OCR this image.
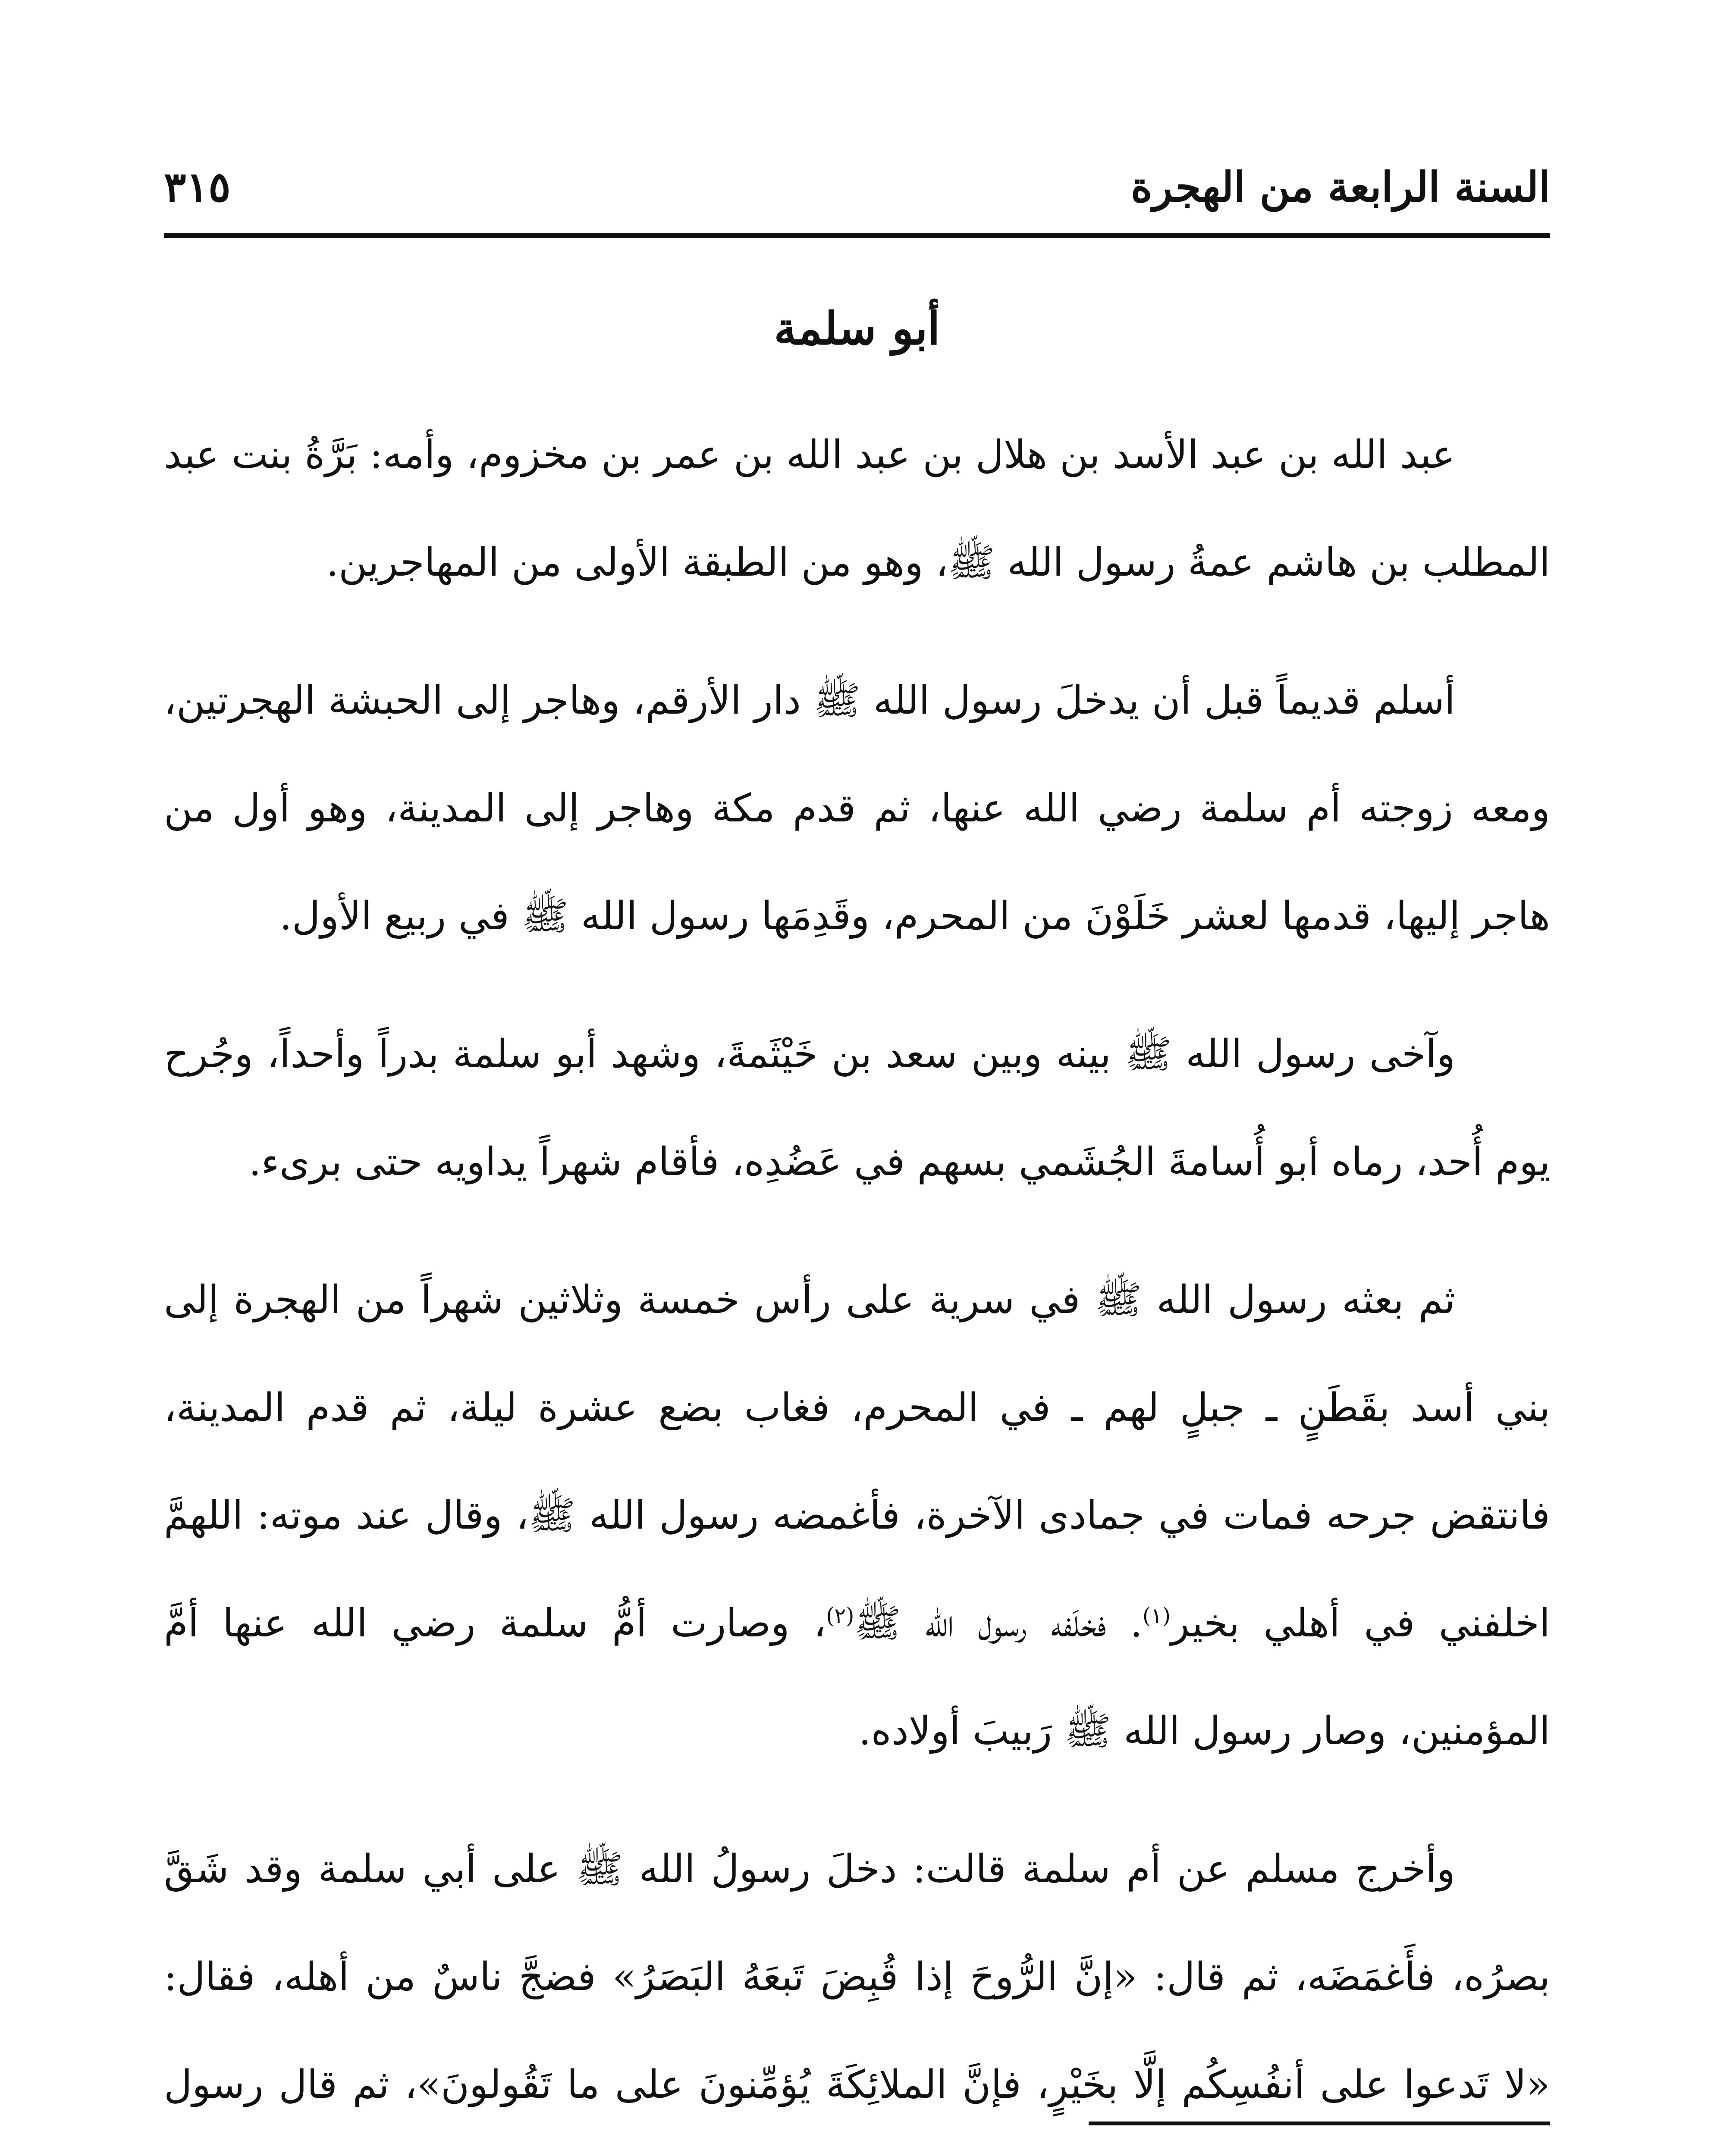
السنة الرابعة من الهجرة
٣١٥
أبو سلمة

عبد الله بن عبد الأسد بن هلال بن عبد الله بن عمر بن مخزوم، وأمه: بَرَّةُ بنت عبد المطلب بن هاشم عمةُ رسول الله ﷺ، وهو من الطبقة الأولى من المهاجرين.

أسلم قديماً قبل أن يدخلَ رسول الله ﷺ دار الأرقم، وهاجر إلى الحبشة الهجرتين، ومعه زوجته أم سلمة رضي الله عنها، ثم قدم مكة وهاجر إلى المدينة، وهو أول من هاجر إليها، قدمها لعشر خَلَوْنَ من المحرم، وقَدِمَها رسول الله ﷺ في ربيع الأول.

وآخى رسول الله ﷺ بينه وبين سعد بن خَيْثَمةَ، وشهد أبو سلمة بدراً وأحداً، وجُرح يوم أُحد، رماه أبو أُسامةَ الجُشَمي بسهم في عَضُدِه، فأقام شهراً يداويه حتى برىء.

ثم بعثه رسول الله ﷺ في سرية على رأس خمسة وثلاثين شهراً من الهجرة إلى بني أسد بقَطَنٍ ـ جبلٍ لهم ـ في المحرم، فغاب بضع عشرة ليلة، ثم قدم المدينة، فانتقض جرحه فمات في جمادى الآخرة، فأغمضه رسول الله ﷺ، وقال عند موته: اللهمَّ اخلفني في أهلي بخير$^{(١)}$. فخلَفه رسول الله ﷺ$^{(٢)}$، وصارت أمُّ سلمة رضي الله عنها أمَّ المؤمنين، وصار رسول الله ﷺ رَبيبَ أولاده.

وأخرج مسلم عن أم سلمة قالت: دخلَ رسولُ الله ﷺ على أبي سلمة وقد شَقَّ بصرُه، فأَغمَضَه، ثم قال: «إنَّ الرُّوحَ إذا قُبِضَ تَبعَهُ البَصَرُ» فضجَّ ناسٌ من أهله، فقال: «لا تَدعوا على أنفُسِكُم إلَّا بخَيْرٍ، فإنَّ الملائِكَةَ يُؤمِّنونَ على ما تَقُولونَ»، ثم قال رسول
